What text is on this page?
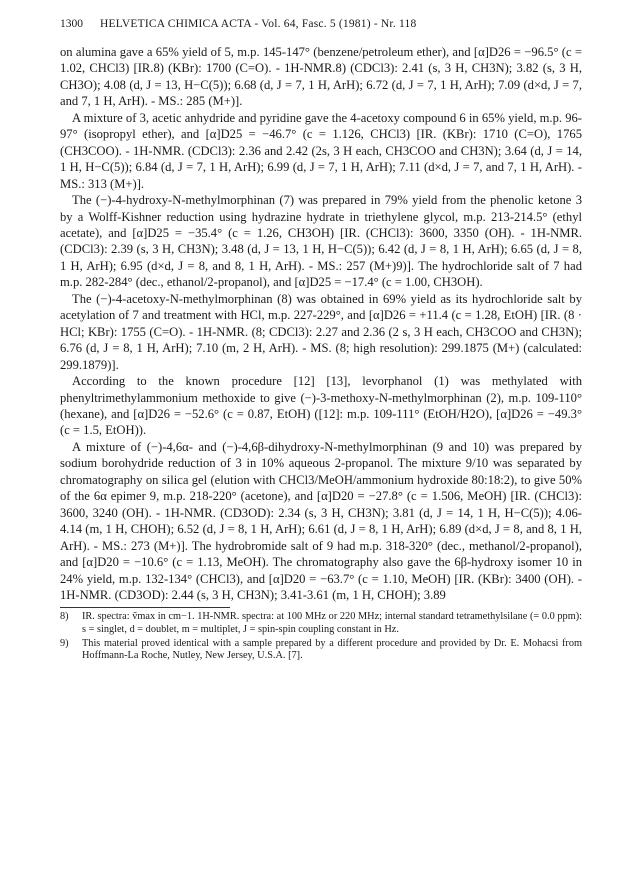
1300 HELVETICA CHIMICA ACTA - Vol. 64, Fasc. 5 (1981) - Nr. 118

on alumina gave a 65% yield of 5, m.p. 145-147° (benzene/petroleum ether), and [α]D26 = −96.5° (c = 1.02, CHCl3) [IR.8) (KBr): 1700 (C=O). - 1H-NMR.8) (CDCl3): 2.41 (s, 3 H, CH3N); 3.82 (s, 3 H, CH3O); 4.08 (d, J = 13, H−C(5)); 6.68 (d, J = 7, 1 H, ArH); 6.72 (d, J = 7, 1 H, ArH); 7.09 (d×d, J = 7, and 7, 1 H, ArH). - MS.: 285 (M+)].

A mixture of 3, acetic anhydride and pyridine gave the 4-acetoxy compound 6 in 65% yield, m.p. 96-97° (isopropyl ether), and [α]D25 = −46.7° (c = 1.126, CHCl3) [IR. (KBr): 1710 (C=O), 1765 (CH3COO). - 1H-NMR. (CDCl3): 2.36 and 2.42 (2s, 3 H each, CH3COO and CH3N); 3.64 (d, J = 14, 1 H, H−C(5)); 6.84 (d, J = 7, 1 H, ArH); 6.99 (d, J = 7, 1 H, ArH); 7.11 (d×d, J = 7, and 7, 1 H, ArH). - MS.: 313 (M+)].

The (−)-4-hydroxy-N-methylmorphinan (7) was prepared in 79% yield from the phenolic ketone 3 by a Wolff-Kishner reduction using hydrazine hydrate in triethylene glycol, m.p. 213-214.5° (ethyl acetate), and [α]D25 = −35.4° (c = 1.26, CH3OH) [IR. (CHCl3): 3600, 3350 (OH). - 1H-NMR. (CDCl3): 2.39 (s, 3 H, CH3N); 3.48 (d, J = 13, 1 H, H−C(5)); 6.42 (d, J = 8, 1 H, ArH); 6.65 (d, J = 8, 1 H, ArH); 6.95 (d×d, J = 8, and 8, 1 H, ArH). - MS.: 257 (M+)9)]. The hydrochloride salt of 7 had m.p. 282-284° (dec., ethanol/2-propanol), and [α]D25 = −17.4° (c = 1.00, CH3OH).

The (−)-4-acetoxy-N-methylmorphinan (8) was obtained in 69% yield as its hydrochloride salt by acetylation of 7 and treatment with HCl, m.p. 227-229°, and [α]D26 = +11.4 (c = 1.28, EtOH) [IR. (8 · HCl; KBr): 1755 (C=O). - 1H-NMR. (8; CDCl3): 2.27 and 2.36 (2 s, 3 H each, CH3COO and CH3N); 6.76 (d, J = 8, 1 H, ArH); 7.10 (m, 2 H, ArH). - MS. (8; high resolution): 299.1875 (M+) (calculated: 299.1879)].

According to the known procedure [12] [13], levorphanol (1) was methylated with phenyltrimethylammonium methoxide to give (−)-3-methoxy-N-methylmorphinan (2), m.p. 109-110° (hexane), and [α]D26 = −52.6° (c = 0.87, EtOH) ([12]: m.p. 109-111° (EtOH/H2O), [α]D26 = −49.3° (c = 1.5, EtOH)).

A mixture of (−)-4,6α- and (−)-4,6β-dihydroxy-N-methylmorphinan (9 and 10) was prepared by sodium borohydride reduction of 3 in 10% aqueous 2-propanol. The mixture 9/10 was separated by chromatography on silica gel (elution with CHCl3/MeOH/ammonium hydroxide 80:18:2), to give 50% of the 6α epimer 9, m.p. 218-220° (acetone), and [α]D20 = −27.8° (c = 1.506, MeOH) [IR. (CHCl3): 3600, 3240 (OH). - 1H-NMR. (CD3OD): 2.34 (s, 3 H, CH3N); 3.81 (d, J = 14, 1 H, H−C(5)); 4.06-4.14 (m, 1 H, CHOH); 6.52 (d, J = 8, 1 H, ArH); 6.61 (d, J = 8, 1 H, ArH); 6.89 (d×d, J = 8, and 8, 1 H, ArH). - MS.: 273 (M+)]. The hydrobromide salt of 9 had m.p. 318-320° (dec., methanol/2-propanol), and [α]D20 = −10.6° (c = 1.13, MeOH). The chromatography also gave the 6β-hydroxy isomer 10 in 24% yield, m.p. 132-134° (CHCl3), and [α]D20 = −63.7° (c = 1.10, MeOH) [IR. (KBr): 3400 (OH). - 1H-NMR. (CD3OD): 2.44 (s, 3 H, CH3N); 3.41-3.61 (m, 1 H, CHOH); 3.89

8) IR. spectra: ṽmax in cm−1. 1H-NMR. spectra: at 100 MHz or 220 MHz; internal standard tetramethylsilane (= 0.0 ppm): s = singlet, d = doublet, m = multiplet, J = spin-spin coupling constant in Hz.
9) This material proved identical with a sample prepared by a different procedure and provided by Dr. E. Mohacsi from Hoffmann-La Roche, Nutley, New Jersey, U.S.A. [7].
